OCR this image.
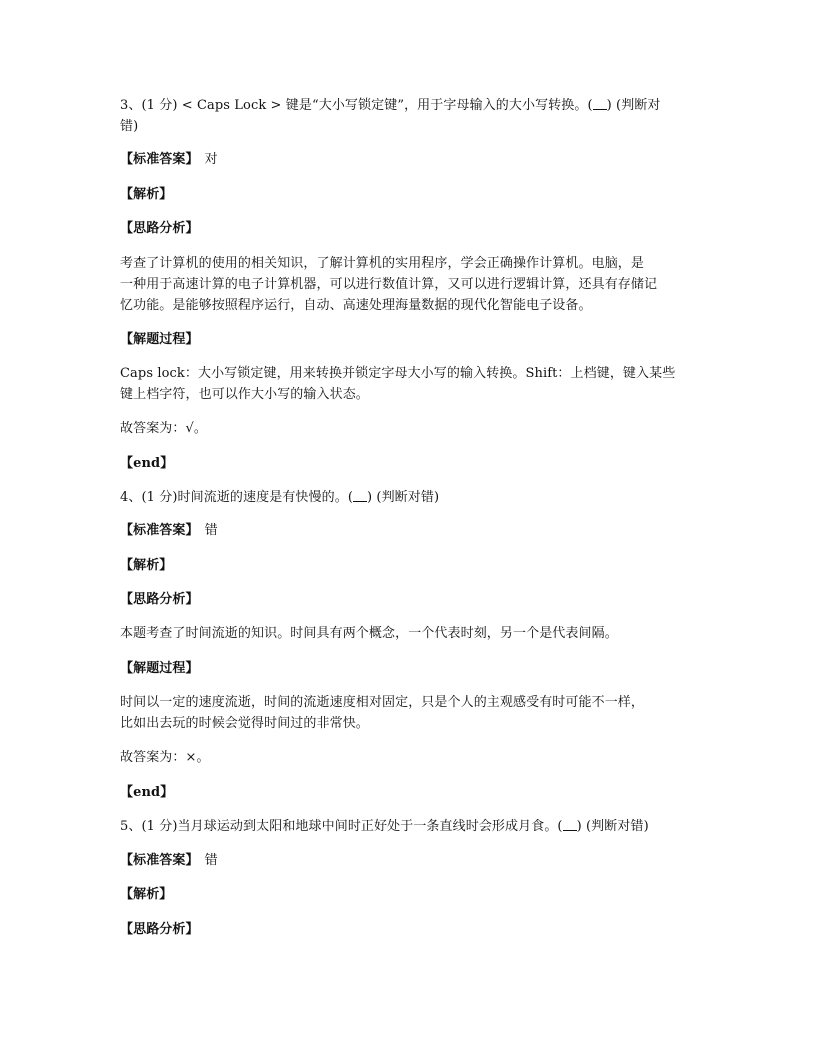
3、(1 分) < Caps Lock > 键是“大小写锁定键”，用于字母输入的大小写转换。( ) (判断对
错)
【标准答案】 对
【解析】
【思路分析】
考查了计算机的使用的相关知识，了解计算机的实用程序，学会正确操作计算机。电脑，是
一种用于高速计算的电子计算机器，可以进行数值计算，又可以进行逻辑计算，还具有存储记
忆功能。是能够按照程序运行，自动、高速处理海量数据的现代化智能电子设备。
【解题过程】
Caps lock：大小写锁定键，用来转换并锁定字母大小写的输入转换。Shift：上档键，键入某些
键上档字符，也可以作大小写的输入状态。
故答案为：√。
【end】
4、(1 分)时间流逝的速度是有快慢的。( ) (判断对错)
【标准答案】 错
【解析】
【思路分析】
本题考查了时间流逝的知识。时间具有两个概念，一个代表时刻，另一个是代表间隔。
【解题过程】
时间以一定的速度流逝，时间的流逝速度相对固定，只是个人的主观感受有时可能不一样，
比如出去玩的时候会觉得时间过的非常快。
故答案为：×。
【end】
5、(1 分)当月球运动到太阳和地球中间时正好处于一条直线时会形成月食。( ) (判断对错)
【标准答案】 错
【解析】
【思路分析】
